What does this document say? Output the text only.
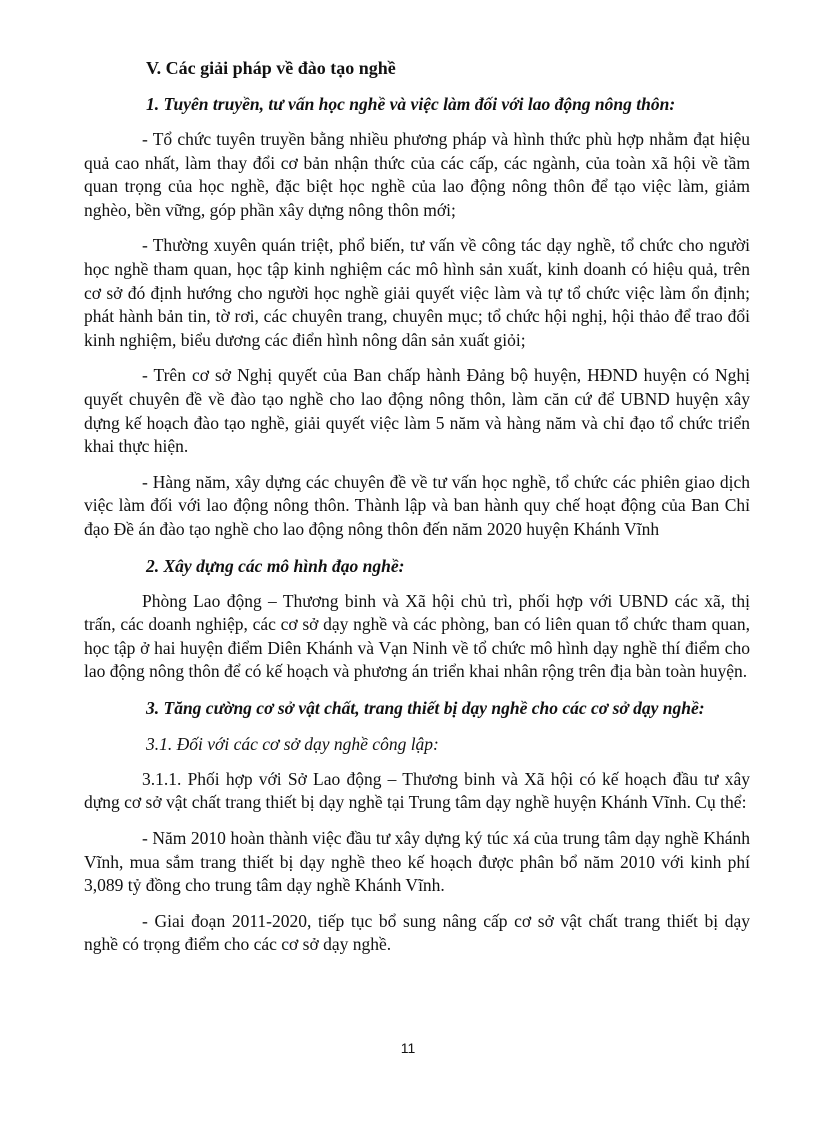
V. Các giải pháp về đào tạo nghề
1. Tuyên truyền, tư vấn học nghề và việc làm đối với lao động nông thôn:

- Tổ chức tuyên truyền bằng nhiều phương pháp và hình thức phù hợp nhằm đạt hiệu quả cao nhất, làm thay đổi cơ bản nhận thức của các cấp, các ngành, của toàn xã hội về tầm quan trọng của học nghề, đặc biệt học nghề của lao động nông thôn để tạo việc làm, giảm nghèo, bền vững, góp phần xây dựng nông thôn mới;

- Thường xuyên quán triệt, phổ biến, tư vấn về công tác dạy nghề, tổ chức cho người học nghề tham quan, học tập kinh nghiệm các mô hình sản xuất, kinh doanh có hiệu quả, trên cơ sở đó định hướng cho người học nghề giải quyết việc làm và tự tổ chức việc làm ổn định; phát hành bản tin, tờ rơi, các chuyên trang, chuyên mục; tổ chức hội nghị, hội thảo để trao đổi kinh nghiệm, biểu dương các điển hình nông dân sản xuất giỏi;

- Trên cơ sở Nghị quyết của Ban chấp hành Đảng bộ huyện, HĐND huyện có Nghị quyết chuyên đề về đào tạo nghề cho lao động nông thôn, làm căn cứ để UBND huyện xây dựng kế hoạch đào tạo nghề, giải quyết việc làm 5 năm và hàng năm và chỉ đạo tổ chức triển khai thực hiện.

- Hàng năm, xây dựng các chuyên đề về tư vấn học nghề, tổ chức các phiên giao dịch việc làm đối với lao động nông thôn. Thành lập và ban hành quy chế hoạt động của Ban Chỉ đạo Đề án đào tạo nghề cho lao động nông thôn đến năm 2020 huyện Khánh Vĩnh

2. Xây dựng các mô hình đạo nghề:

Phòng Lao động – Thương binh và Xã hội chủ trì, phối hợp với UBND các xã, thị trấn, các doanh nghiệp, các cơ sở dạy nghề và các phòng, ban có liên quan tổ chức tham quan, học tập ở hai huyện điểm Diên Khánh và Vạn Ninh về tổ chức mô hình dạy nghề thí điểm cho lao động nông thôn để có kế hoạch và phương án triển khai nhân rộng trên địa bàn toàn huyện.

3. Tăng cường cơ sở vật chất, trang thiết bị dạy nghề cho các cơ sở dạy nghề:
3.1. Đối với các cơ sở dạy nghề công lập:

3.1.1. Phối hợp với Sở Lao động – Thương binh và Xã hội có kế hoạch đầu tư xây dựng cơ sở vật chất trang thiết bị dạy nghề tại Trung tâm dạy nghề huyện Khánh Vĩnh. Cụ thể:

- Năm 2010 hoàn thành việc đầu tư xây dựng ký túc xá của trung tâm dạy nghề Khánh Vĩnh, mua sắm trang thiết bị dạy nghề theo kế hoạch được phân bổ năm 2010 với kinh phí 3,089 tỷ đồng cho trung tâm dạy nghề Khánh Vĩnh.

- Giai đoạn 2011-2020, tiếp tục bổ sung nâng cấp cơ sở vật chất trang thiết bị dạy nghề có trọng điểm cho các cơ sở dạy nghề.

11
